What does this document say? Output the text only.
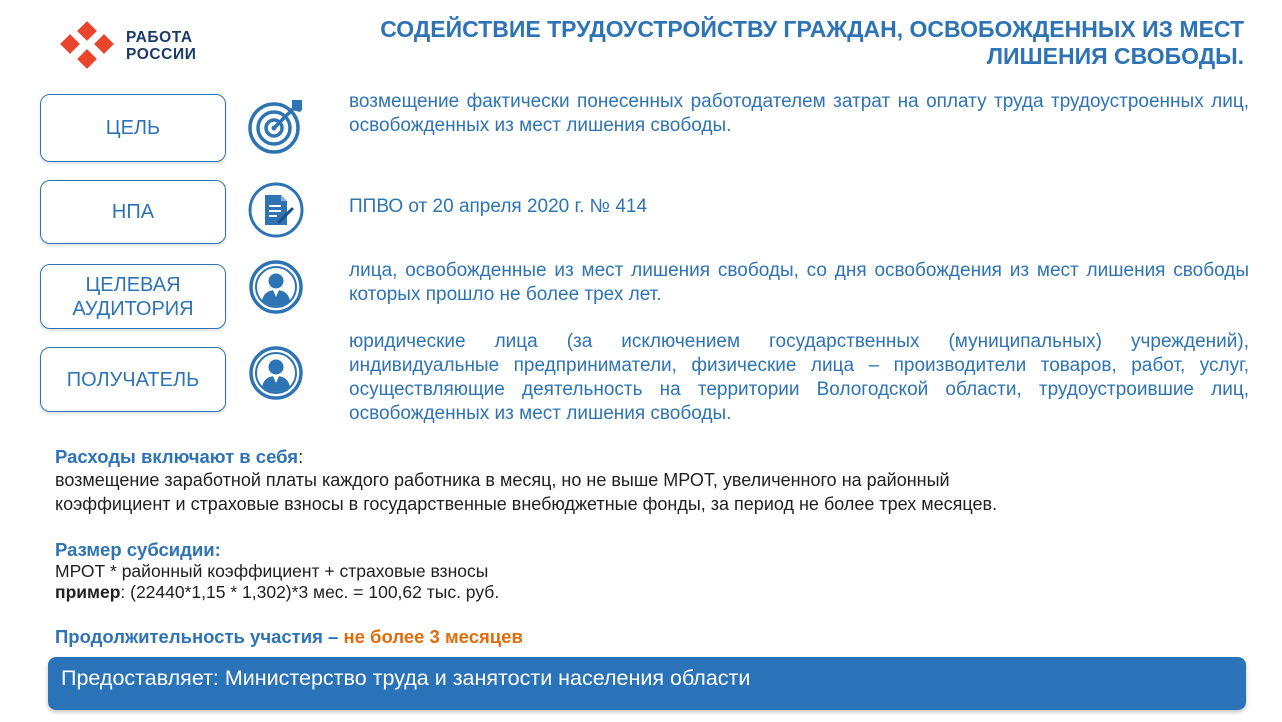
РАБОТА
РОССИИ
СОДЕЙСТВИЕ ТРУДОУСТРОЙСТВУ ГРАЖДАН, ОСВОБОЖДЕННЫХ ИЗ МЕСТ
ЛИШЕНИЯ СВОБОДЫ.
ЦЕЛЬ
возмещение фактически понесенных работодателем затрат на оплату труда трудоустроенных лиц, освобожденных из мест лишения свободы.
НПА	ППВО от 20 апреля 2020 г. № 414
ЦЕЛЕВАЯ
АУДИТОРИЯ
лица, освобожденные из мест лишения свободы, со дня освобождения из мест лишения свободы которых прошло не более трех лет.
ПОЛУЧАТЕЛЬ
юридические лица (за исключением государственных (муниципальных) учреждений), индивидуальные предприниматели, физические лица – производители товаров, работ, услуг, осуществляющие деятельность на территории Вологодской области, трудоустроившие лиц, освобожденных из мест лишения свободы.
Расходы включают в себя:
возмещение заработной платы каждого работника в месяц, но не выше МРОТ, увеличенного на районный
коэффициент и страховые взносы в государственные внебюджетные фонды, за период не более трех месяцев.
Размер субсидии:
МРОТ * районный коэффициент + страховые взносы
пример: (22440*1,15 * 1,302)*3 мес. = 100,62 тыс. руб.
Продолжительность участия – не более 3 месяцев
Предоставляет: Министерство труда и занятости населения области
